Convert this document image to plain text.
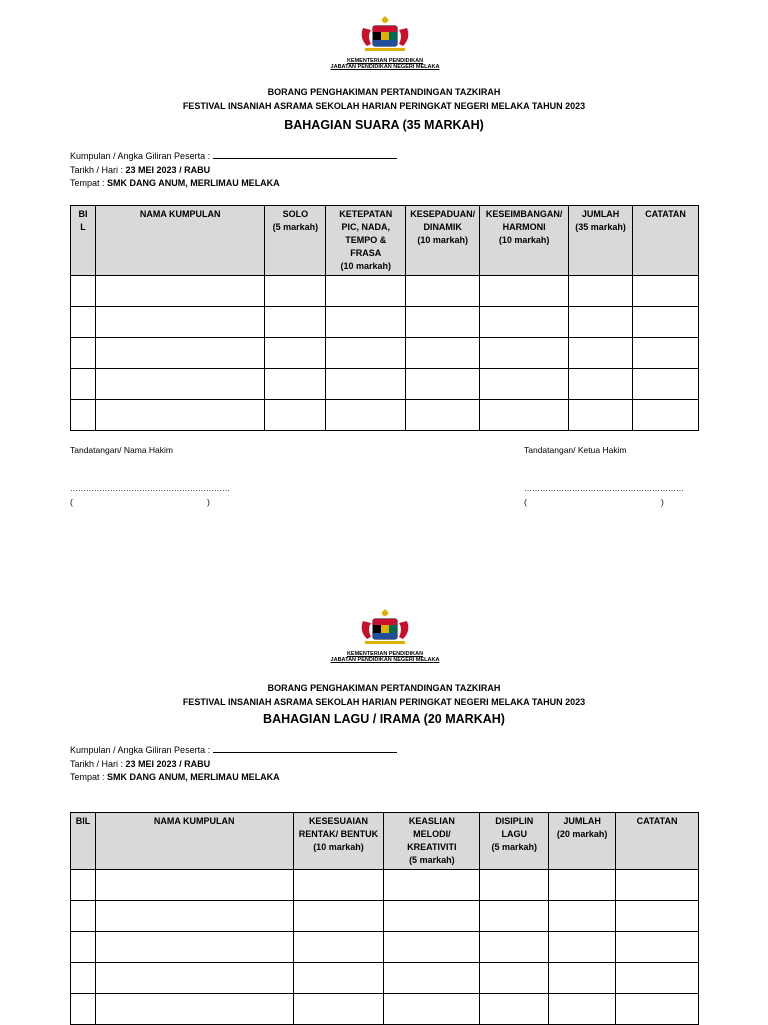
KEMENTERIAN PENDIDIKAN
JABATAN PENDIDIKAN NEGERI MELAKA
BORANG PENGHAKIMAN PERTANDINGAN TAZKIRAH
FESTIVAL INSANIAH ASRAMA SEKOLAH HARIAN PERINGKAT NEGERI MELAKA TAHUN 2023
BAHAGIAN SUARA (35 MARKAH)
Kumpulan / Angka Giliran Peserta :
Tarikh / Hari : 23 MEI 2023 / RABU
Tempat : SMK DANG ANUM, MERLIMAU MELAKA
BI
L	NAMA KUMPULAN	SOLO
(5 markah)	KETEPATAN
PIC, NADA,
TEMPO &
FRASA
(10 markah)	KESEPADUAN/
DINAMIK
(10 markah)	KESEIMBANGAN/
HARMONI
(10 markah)	JUMLAH
(35 markah)	CATATAN

Tandatangan/ Nama Hakim
……………………………………………………
(	)
Tandatangan/ Ketua Hakim
……………………………………………………
(	)
KEMENTERIAN PENDIDIKAN
JABATAN PENDIDIKAN NEGERI MELAKA
BORANG PENGHAKIMAN PERTANDINGAN TAZKIRAH
FESTIVAL INSANIAH ASRAMA SEKOLAH HARIAN PERINGKAT NEGERI MELAKA TAHUN 2023
BAHAGIAN LAGU / IRAMA (20 MARKAH)
Kumpulan / Angka Giliran Peserta :
Tarikh / Hari : 23 MEI 2023 / RABU
Tempat : SMK DANG ANUM, MERLIMAU MELAKA
BIL	NAMA KUMPULAN	KESESUAIAN
RENTAK/ BENTUK
(10 markah)	KEASLIAN
MELODI/
KREATIVITI
(5 markah)	DISIPLIN
LAGU
(5 markah)	JUMLAH
(20 markah)	CATATAN
